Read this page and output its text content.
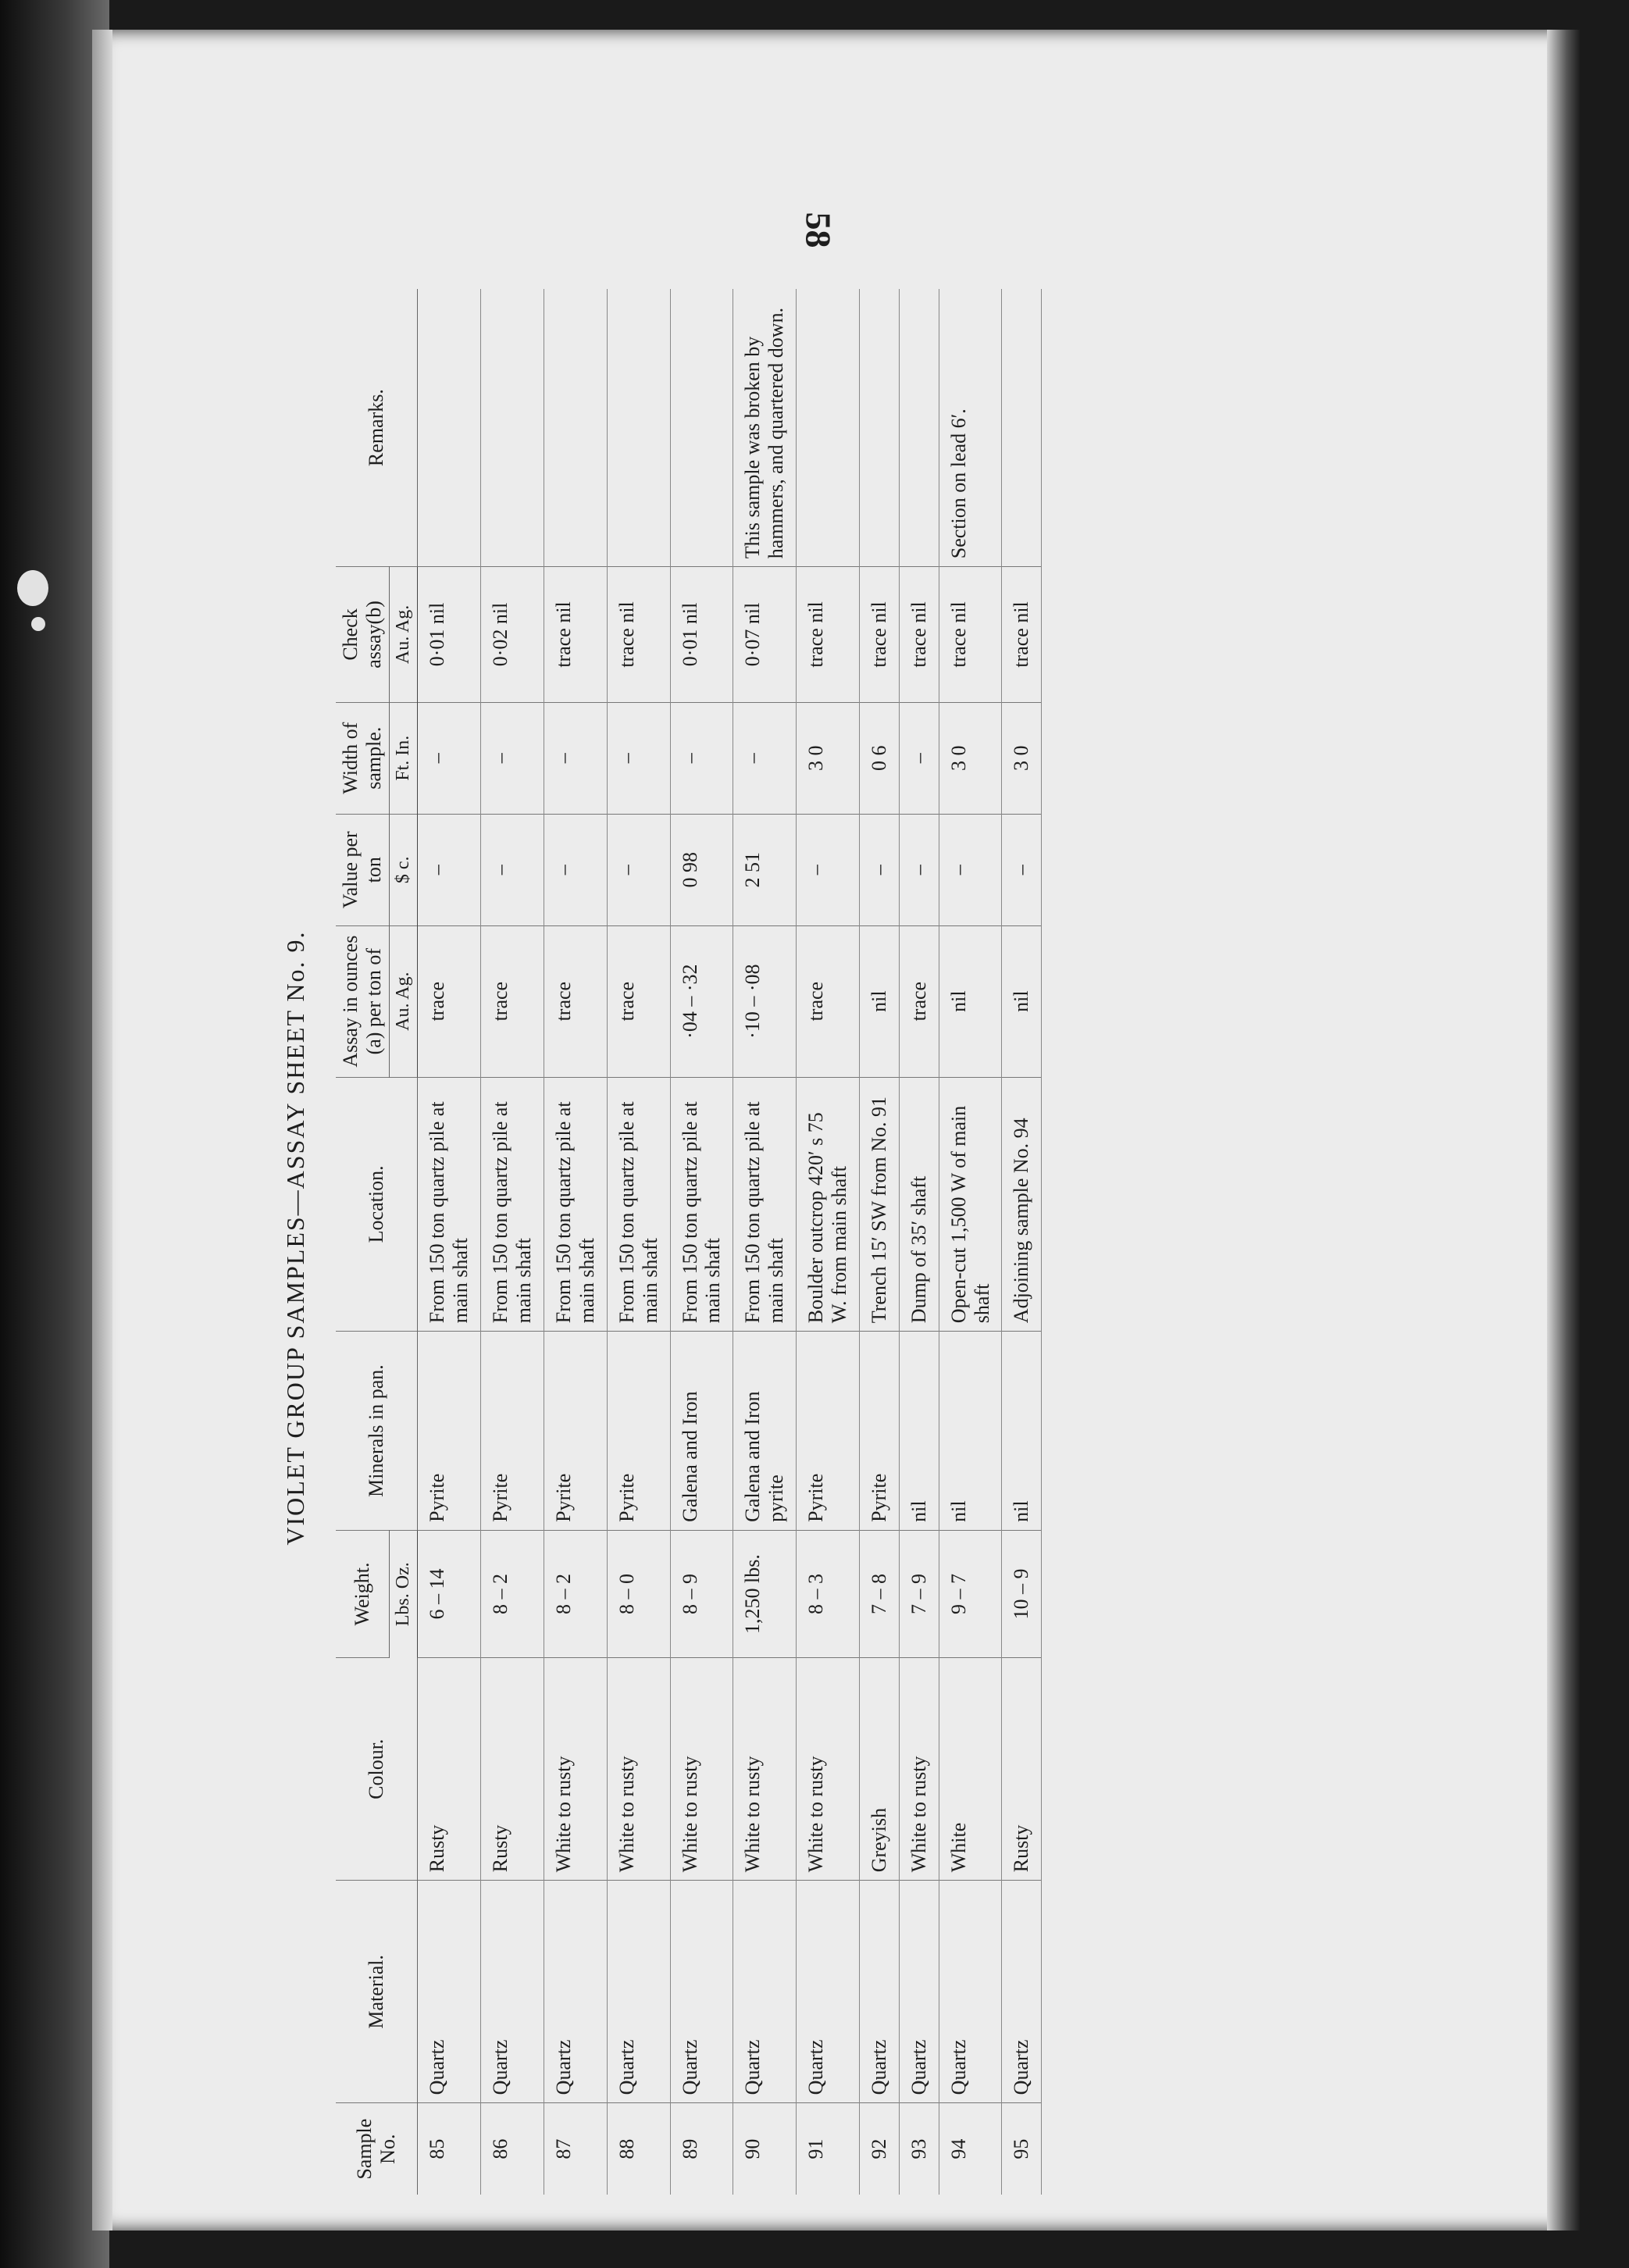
58
VIOLET GROUP SAMPLES—ASSAY SHEET No. 9.
Sample No.	Material.	Colour.	Weight.	Minerals in pan.	Location.	Assay in ounces (a) per ton of	Value per ton	Width of sample.	Check assay(b)	Remarks.
			Lbs. Oz.			Au. Ag.	$ c.	Ft. In.	Au. Ag.	
85	Quartz	Rusty	6 – 14	Pyrite	From 150 ton quartz pile at main shaft	trace	–	–	0·01 nil	
86	Quartz	Rusty	8 – 2	Pyrite	From 150 ton quartz pile at main shaft	trace	–	–	0·02 nil	
87	Quartz	White to rusty	8 – 2	Pyrite	From 150 ton quartz pile at main shaft	trace	–	–	trace nil	
88	Quartz	White to rusty	8 – 0	Pyrite	From 150 ton quartz pile at main shaft	trace	–	–	trace nil	
89	Quartz	White to rusty	8 – 9	Galena and Iron	From 150 ton quartz pile at main shaft	·04 – ·32	0 98	–	0·01 nil	
90	Quartz	White to rusty	1,250 lbs.	Galena and Iron pyrite	From 150 ton quartz pile at main shaft	·10 – ·08	2 51	–	0·07 nil	This sample was broken by hammers, and quartered down.
91	Quartz	White to rusty	8 – 3	Pyrite	Boulder outcrop 420′ s 75 W. from main shaft	trace	–	3 0	trace nil	
92	Quartz	Greyish	7 – 8	Pyrite	Trench 15′ SW from No. 91	nil	–	0 6	trace nil	
93	Quartz	White to rusty	7 – 9	nil	Dump of 35′ shaft	trace	–	–	trace nil	
94	Quartz	White	9 – 7	nil	Open-cut 1,500 W of main shaft	nil	–	3 0	trace nil	Section on lead 6′.
95	Quartz	Rusty	10 – 9	nil	Adjoining sample No. 94	nil	–	3 0	trace nil	
